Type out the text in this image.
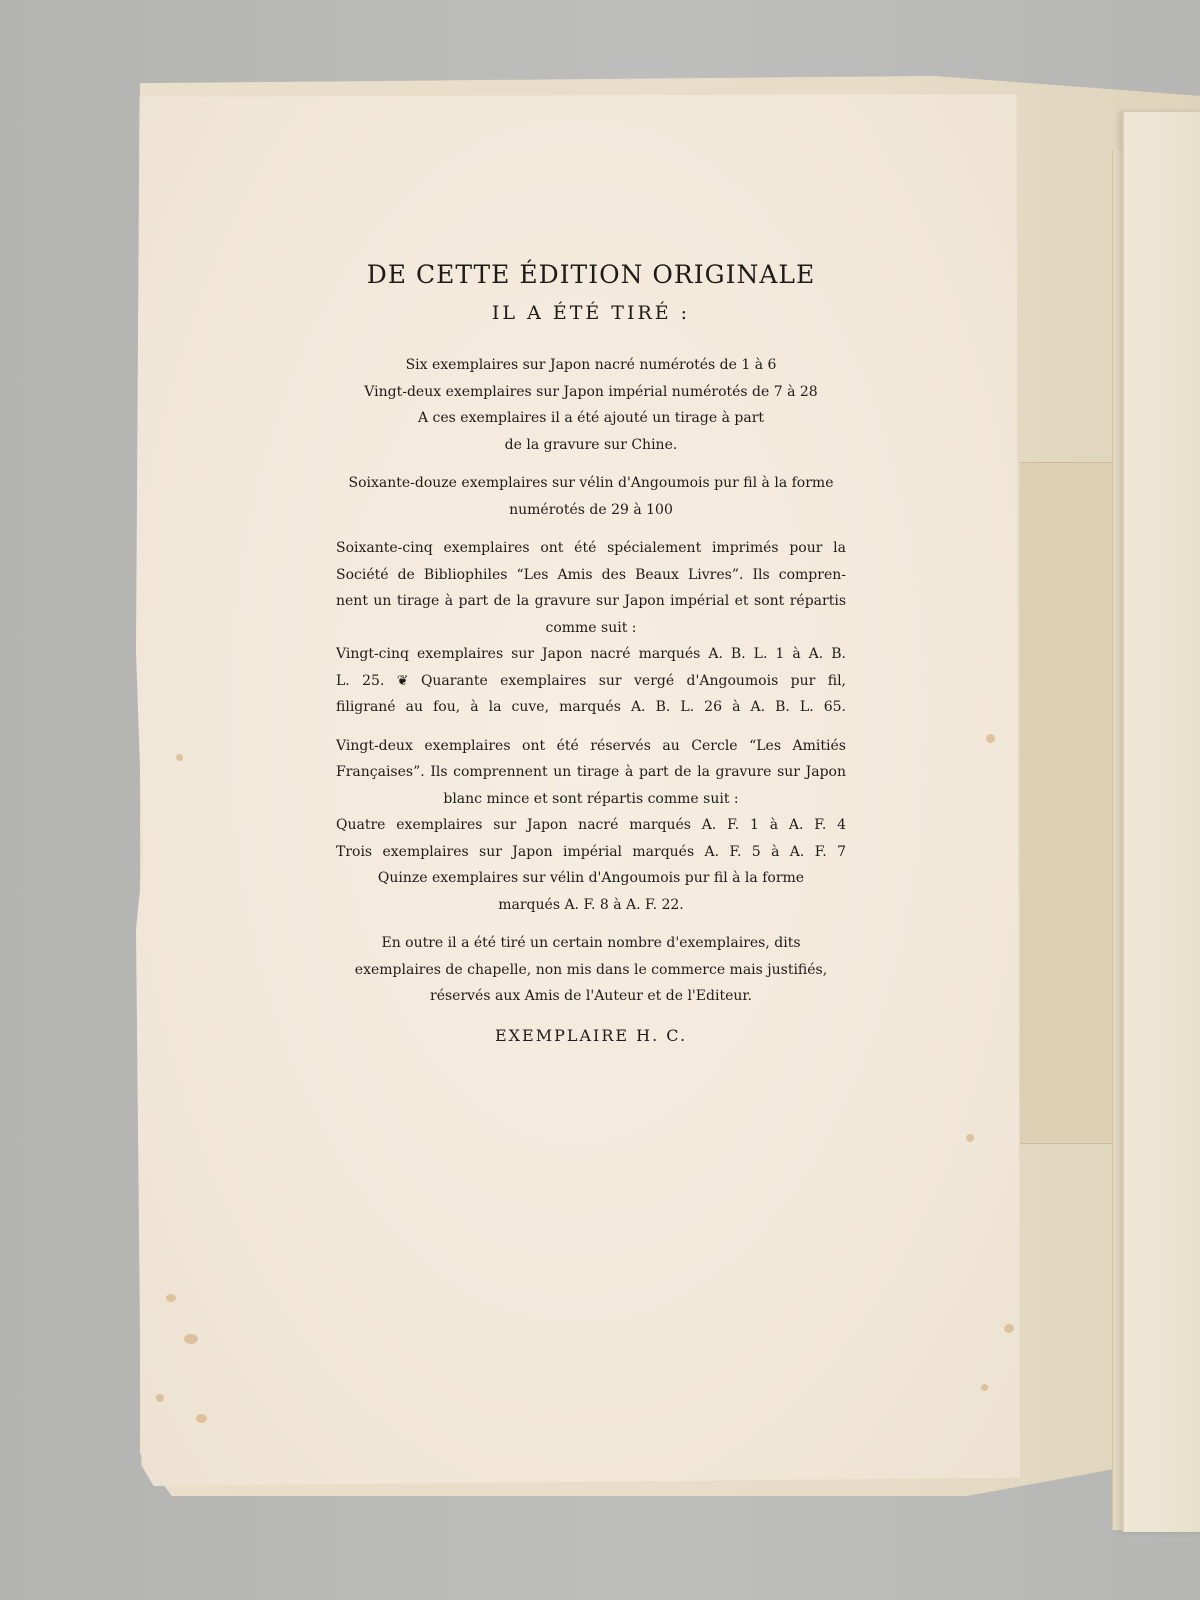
DE CETTE ÉDITION ORIGINALE
IL A ÉTÉ TIRÉ :
Six exemplaires sur Japon nacré numérotés de 1 à 6
Vingt-deux exemplaires sur Japon impérial numérotés de 7 à 28
A ces exemplaires il a été ajouté un tirage à part
de la gravure sur Chine.
Soixante-douze exemplaires sur vélin d'Angoumois pur fil à la forme
numérotés de 29 à 100
Soixante-cinq exemplaires ont été spécialement imprimés pour la
Société de Bibliophiles “Les Amis des Beaux Livres”. Ils compren-
nent un tirage à part de la gravure sur Japon impérial et sont répartis
comme suit :
Vingt-cinq exemplaires sur Japon nacré marqués A. B. L. 1 à A. B.
L. 25. ❦ Quarante exemplaires sur vergé d'Angoumois pur fil,
filigrané au fou, à la cuve, marqués A. B. L. 26 à A. B. L. 65.
Vingt-deux exemplaires ont été réservés au Cercle “Les Amitiés
Françaises”. Ils comprennent un tirage à part de la gravure sur Japon
blanc mince et sont répartis comme suit :
Quatre exemplaires sur Japon nacré marqués A. F. 1 à A. F. 4
Trois exemplaires sur Japon impérial marqués A. F. 5 à A. F. 7
Quinze exemplaires sur vélin d'Angoumois pur fil à la forme
marqués A. F. 8 à A. F. 22.
En outre il a été tiré un certain nombre d'exemplaires, dits
exemplaires de chapelle, non mis dans le commerce mais justifiés,
réservés aux Amis de l'Auteur et de l'Editeur.
EXEMPLAIRE H. C.
